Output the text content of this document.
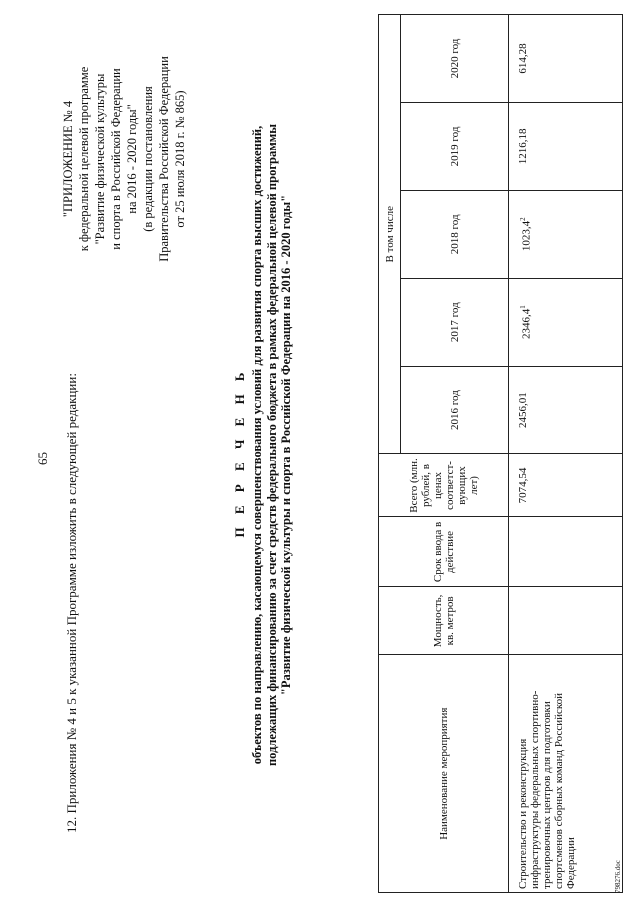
65 12. Приложения № 4 и 5 к указанной Программе изложить в следующей редакции:
"ПРИЛОЖЕНИЕ № 4 к федеральной целевой программе "Развитие физической культуры и спорта в Российской Федерации на 2016 - 2020 годы" (в редакции постановления Правительства Российской Федерации от 25 июля 2018 г. № 865)
П Е Р Е Ч Е Н Ь объектов по направлению, касающемуся совершенствования условий для развития спорта высших достижений, подлежащих финансированию за счет средств федерального бюджета в рамках федеральной целевой программы "Развитие физической культуры и спорта в Российской Федерации на 2016 - 2020 годы"
Наименование мероприятия	Мощность, кв. метров	Срок ввода в действие	Всего (млн. рублей, в ценах соответст-вующих лет)	В том числе				
				2016 год	2017 год	2018 год	2019 год	2020 год
Строительство и реконструкция инфраструктуры федеральных спортивно-тренировочных центров для подготовки спортсменов сборных команд Российской Федерации			7074,54	2456,01	2346,4$^1$	1023,4$^2$	1216,18	614,28
798276.doc
